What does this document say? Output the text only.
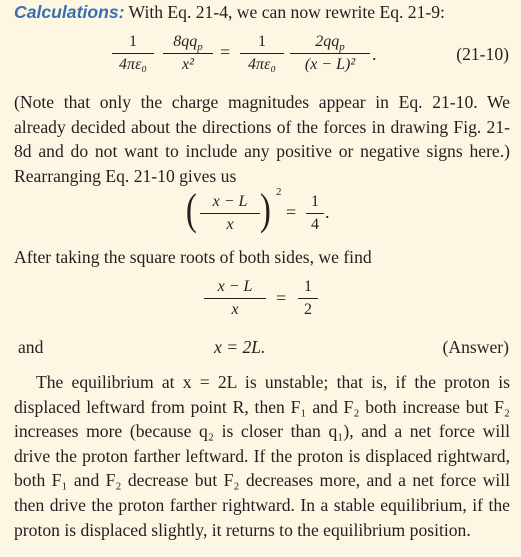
Calculations: With Eq. 21-4, we can now rewrite Eq. 21-9:
$\frac{1}{\text{4πε₀}}$	$8qq_p$
x²
= $\frac{1}{\text{4πε₀}}$	$2qq_p$
(x − L)²
.	(21-10)
(Note that only the charge magnitudes appear in Eq. 21-10. We already decided about the directions of the forces in drawing Fig. 21-8d and do not want to include any positive or negative signs here.) Rearranging Eq. 21-10 gives us
( $\frac{x - L}{x}$ ) 2
= $\frac{1}{4}$ .
After taking the square roots of both sides, we find
$\frac{x - L}{x} = \frac{1}{2}$
and	x = 2L.	(Answer)
The equilibrium at x = 2L is unstable; that is, if the proton is displaced leftward from point R, then F₁ and F₂ both increase but F₂ increases more (because q₂ is closer than q₁), and a net force will drive the proton farther leftward. If the proton is displaced rightward, both F₁ and F₂ decrease but F₂ decreases more, and a net force will then drive the proton farther rightward. In a stable equilibrium, if the proton is displaced slightly, it returns to the equilibrium position.
